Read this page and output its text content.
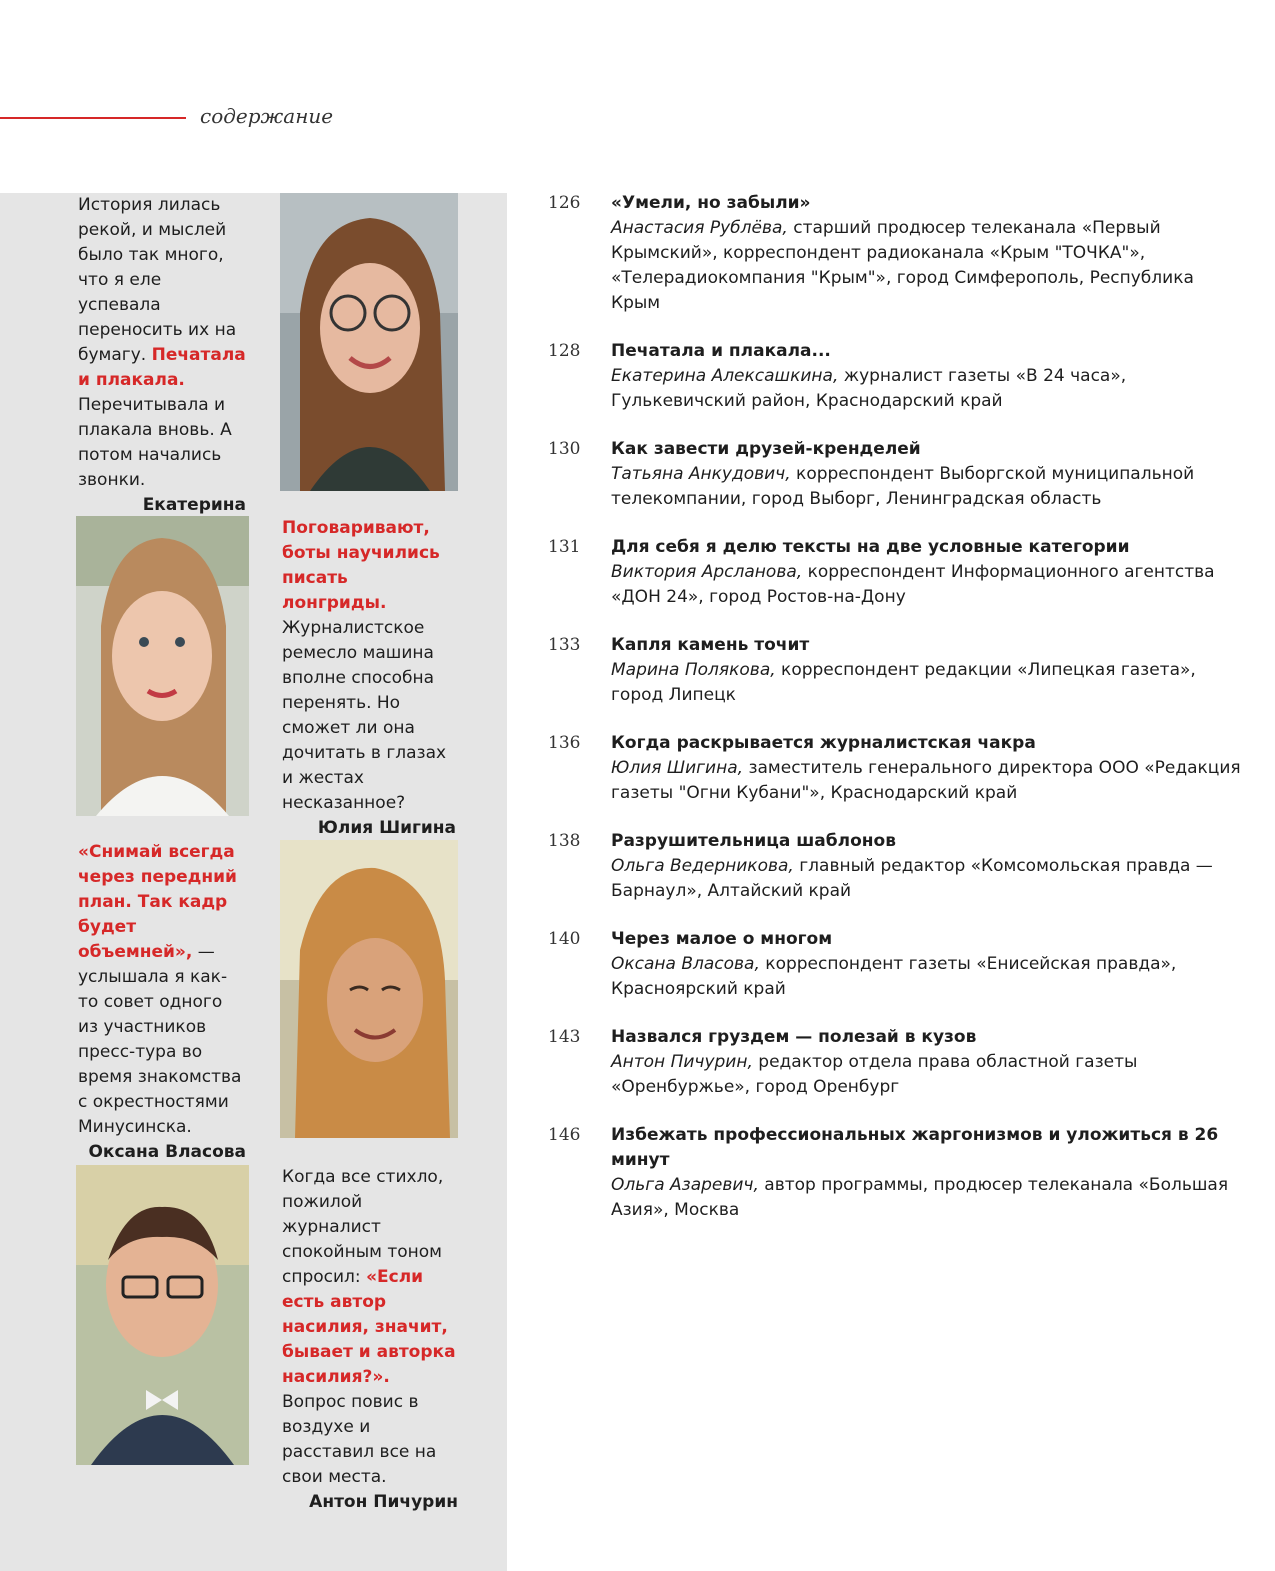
содержание
История лилась рекой, и мыслей было так много, что я еле успевала переносить их на бумагу. Печатала и плакала. Перечитывала и плакала вновь. А потом начались звонки.
Екатерина
Поговаривают, боты научились писать лонгриды. Журналистское ремесло машина вполне способна перенять. Но сможет ли она дочитать в глазах и жестах несказанное?
Юлия Шигина
«Снимай всегда через передний план. Так кадр будет объемней», — услышала я как-то совет одного из участников пресс-тура во время знакомства с окрестностями Минусинска.
Оксана Власова
Когда все стихло, пожилой журналист спокойным тоном спросил: «Если есть автор насилия, значит, бывает и авторка насилия?». Вопрос повис в воздухе и расставил все на свои места.
Антон Пичурин
126	«Умели, но забыли»
Анастасия Рублёва, старший продюсер телеканала «Первый Крымский», корреспондент радиоканала «Крым "ТОЧКА"», «Телерадиокомпания "Крым"», город Симферополь, Республика Крым
128	Печатала и плакала...
Екатерина Алексашкина, журналист газеты «В 24 часа», Гулькевичский район, Краснодарский край
130	Как завести друзей-кренделей
Татьяна Анкудович, корреспондент Выборгской муниципальной телекомпании, город Выборг, Ленинградская область
131	Для себя я делю тексты на две условные категории
Виктория Арсланова, корреспондент Информационного агентства «ДОН 24», город Ростов-на-Дону
133	Капля камень точит
Марина Полякова, корреспондент редакции «Липецкая газета», город Липецк
136	Когда раскрывается журналистская чакра
Юлия Шигина, заместитель генерального директора ООО «Редакция газеты "Огни Кубани"», Краснодарский край
138	Разрушительница шаблонов
Ольга Ведерникова, главный редактор «Комсомольская правда — Барнаул», Алтайский край
140	Через малое о многом
Оксана Власова, корреспондент газеты «Енисейская правда», Красноярский край
143	Назвался груздем — полезай в кузов
Антон Пичурин, редактор отдела права областной газеты «Оренбуржье», город Оренбург
146	Избежать профессиональных жаргонизмов и уложиться в 26 минут
Ольга Азаревич, автор программы, продюсер телеканала «Большая Азия», Москва
